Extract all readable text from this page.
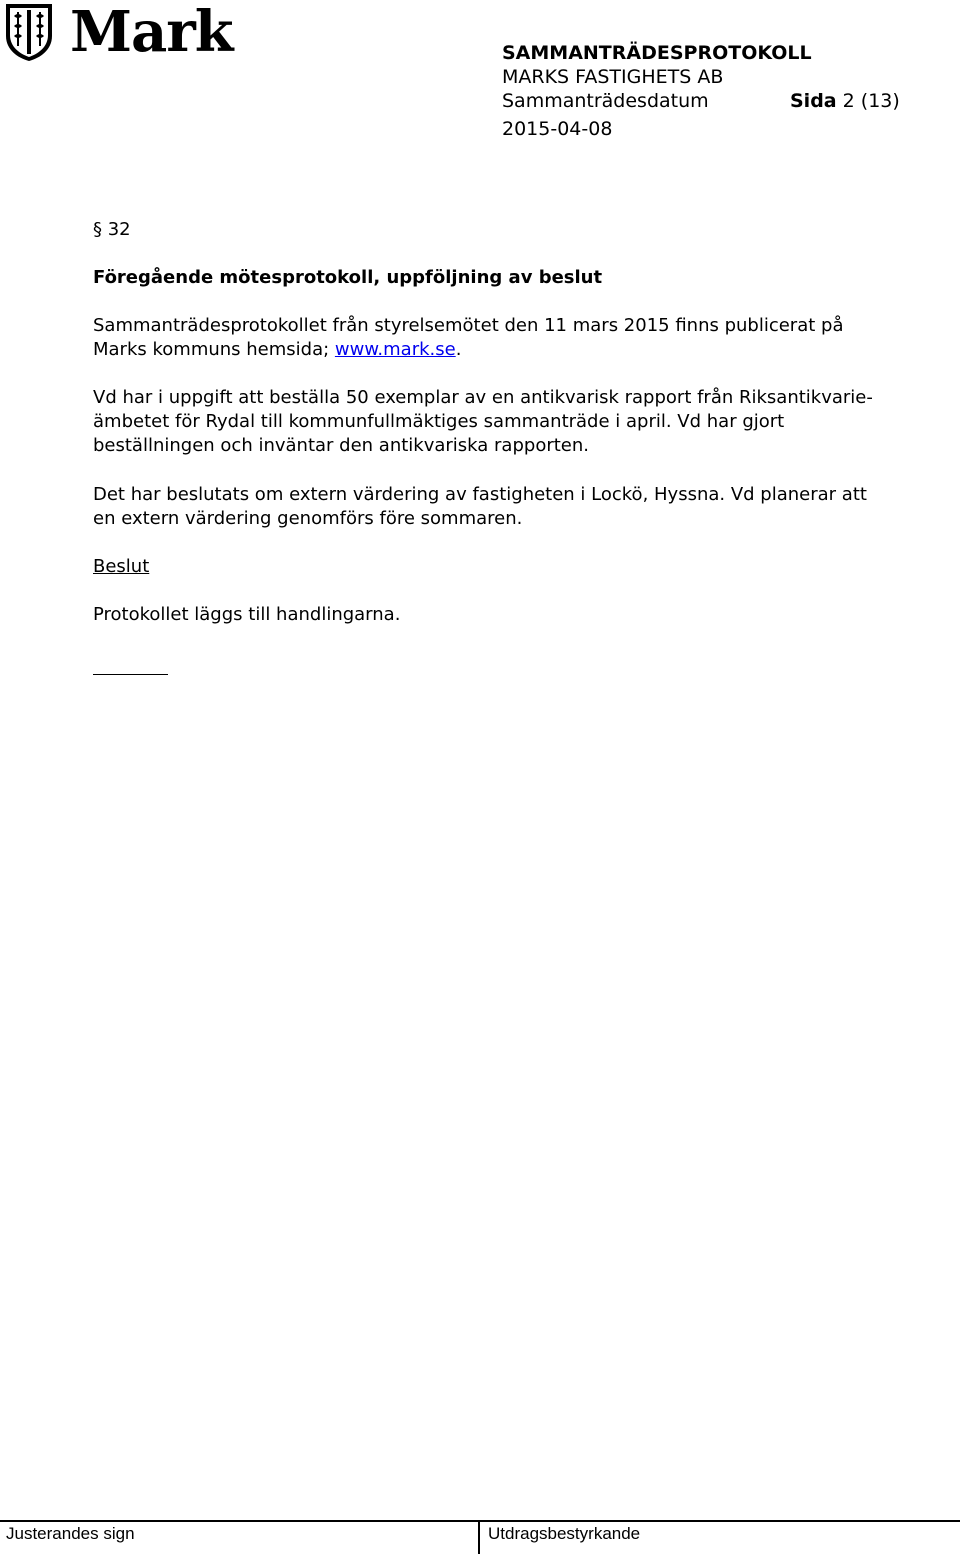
Mark	SAMMANTRÄDESPROTOKOLL
MARKS FASTIGHETS AB
Sammanträdesdatum	Sida 2 (13)
2015-04-08
§ 32
Föregående mötesprotokoll, uppföljning av beslut
Sammanträdesprotokollet från styrelsemötet den 11 mars 2015 finns publicerat på
Marks kommuns hemsida; www.mark.se.
Vd har i uppgift att beställa 50 exemplar av en antikvarisk rapport från Riksantikvarie-
ämbetet för Rydal till kommunfullmäktiges sammanträde i april. Vd har gjort
beställningen och inväntar den antikvariska rapporten.
Det har beslutats om extern värdering av fastigheten i Lockö, Hyssna. Vd planerar att
en extern värdering genomförs före sommaren.
Beslut
Protokollet läggs till handlingarna.
Justerandes sign	Utdragsbestyrkande
